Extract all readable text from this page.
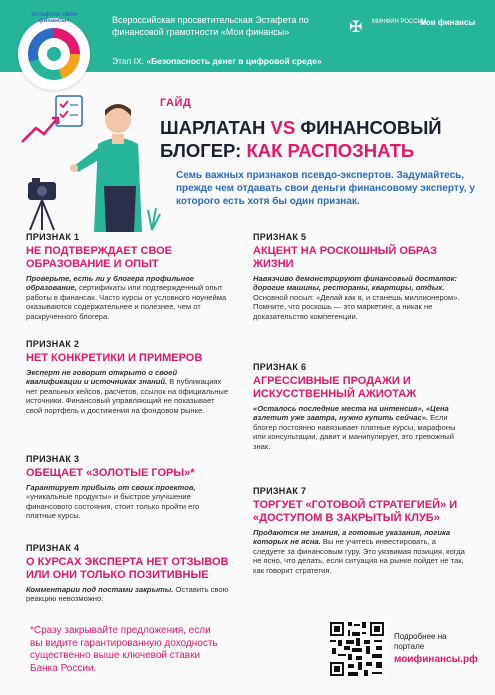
Всероссийская просветительская Эстафета по финансовой грамотности «Мои финансы»
Этап IX: «Безопасность денег в цифровой среде»
✠ МИНФИН РОССИИ
мои финансы
Эстафета «Мои финансы»
ГАЙД
ШАРЛАТАН VS ФИНАНСОВЫЙ
БЛОГЕР: КАК РАСПОЗНАТЬ
Семь важных признаков псевдо-экспертов. Задумайтесь, прежде чем отдавать свои деньги финансовому эксперту, у которого есть хотя бы один признак.
ПРИЗНАК 1
НЕ ПОДТВЕРЖДАЕТ СВОЕ ОБРАЗОВАНИЕ И ОПЫТ
Проверьте, есть ли у блогера профильное образование, сертификаты или подтвержденный опыт работы в финансах. Часто курсы от условного ноунейма оказываются содержательнее и полезнее, чем от раскрученного блогера.
ПРИЗНАК 2
НЕТ КОНКРЕТИКИ И ПРИМЕРОВ
Эксперт не говорит открыто о своей квалификации и источниках знаний. В публикациях нет реальных кейсов, расчетов, ссылок на официальные источники. Финансовый управляющий не показывает свой портфель и достижения на фондовом рынке.
ПРИЗНАК 3
ОБЕЩАЕТ «ЗОЛОТЫЕ ГОРЫ»*
Гарантирует прибыль от своих проектов, «уникальные продукты» и быстрое улучшение финансового состояния, стоит только пройти его платные курсы.
ПРИЗНАК 4
О КУРСАХ ЭКСПЕРТА НЕТ ОТЗЫВОВ ИЛИ ОНИ ТОЛЬКО ПОЗИТИВНЫЕ
Комментарии под постами закрыты. Оставить свою реакцию невозможно.
ПРИЗНАК 5
АКЦЕНТ НА РОСКОШНЫЙ ОБРАЗ ЖИЗНИ
Навязчиво демонстрируют финансовый достаток: дорогие машины, рестораны, квартиры, отдых. Основной посыл: «Делай как я, и станешь миллионером». Помните, что роскошь — это маркетинг, а никак не доказательство компетенции.
ПРИЗНАК 6
АГРЕССИВНЫЕ ПРОДАЖИ И ИСКУССТВЕННЫЙ АЖИОТАЖ
«Осталось последние места на интенсив», «Цена взлетит уже завтра, нужно купить сейчас». Если блогер постоянно навязывает платные курсы, марафоны или консультации, давит и манипулирует, это тревожный знак.
ПРИЗНАК 7
ТОРГУЕТ «ГОТОВОЙ СТРАТЕГИЕЙ» И «ДОСТУПОМ В ЗАКРЫТЫЙ КЛУБ»
Продаются не знания, а готовые указания, логика которых не ясна. Вы не учитесь инвестировать, а следуете за финансовым гуру. Это уязвимая позиция, когда не ясно, что делать, если ситуация на рынке пойдет не так, как говорит стратегия.
*Сразу закрывайте предложения, если вы видите гарантированную доходность существенно выше ключевой ставки Банка России.
Подробнее на портале
моифинансы.рф
